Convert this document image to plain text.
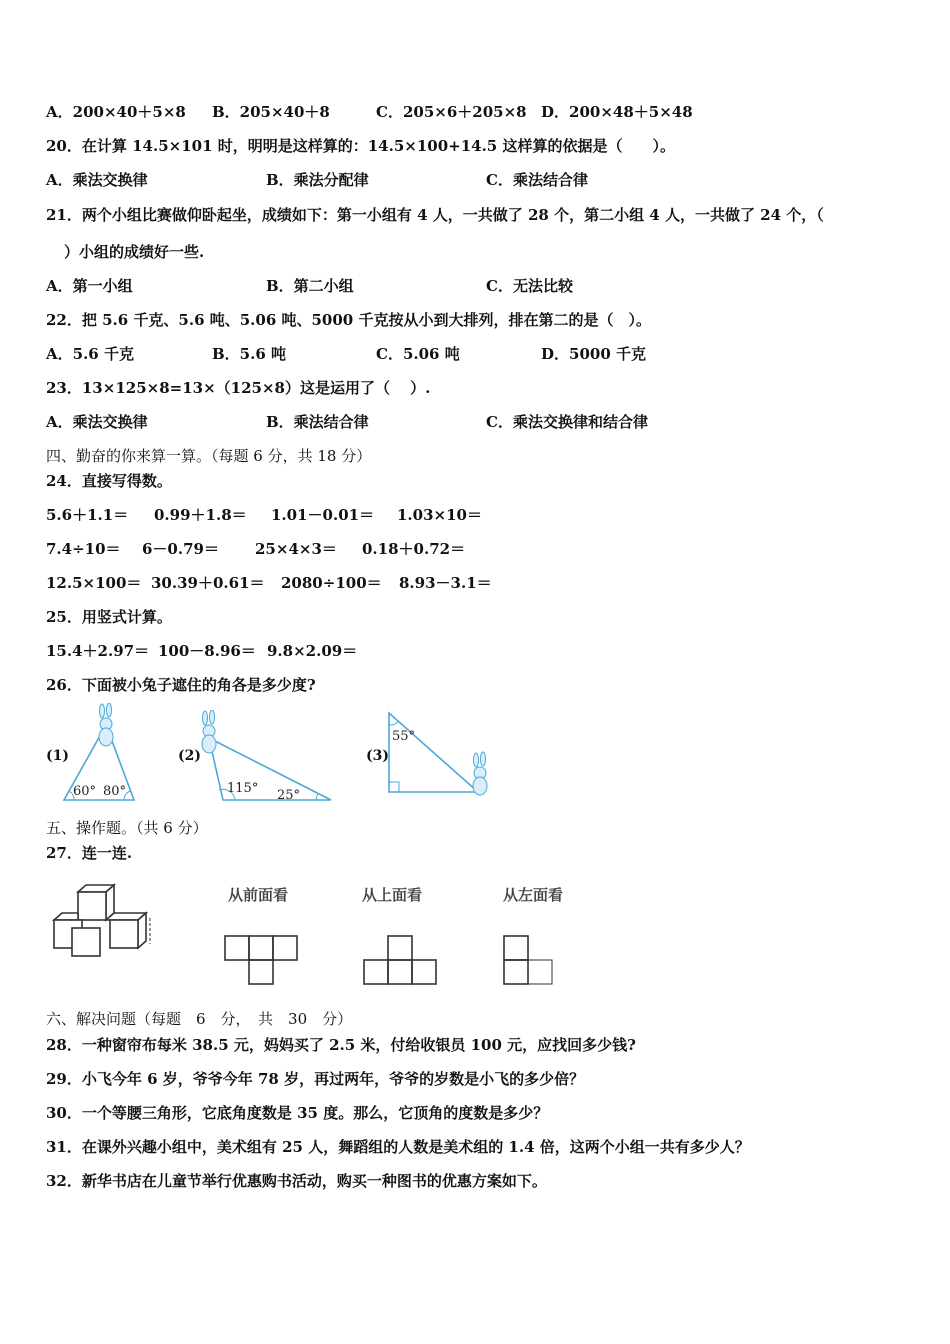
A．200×40＋5×8 B．205×40＋8	C．205×6＋205×8 D．200×48＋5×48
20．在计算 14.5×101 时，明明是这样算的：14.5×100+14.5 这样算的依据是（　　）。
A．乘法交换律	B．乘法分配律	C．乘法结合律
21．两个小组比赛做仰卧起坐，成绩如下：第一小组有 4 人，一共做了 28 个，第二小组 4 人，一共做了 24 个，（
）小组的成绩好一些.
A．第一小组	B．第二小组	C．无法比较
22．把 5.6 千克、5.6 吨、5.06 吨、5000 千克按从小到大排列，排在第二的是（　）。
A．5.6 千克	B．5.6 吨	C．5.06 吨	D．5000 千克
23．13×125×8=13×（125×8）这是运用了（　 ）.
A．乘法交换律	B．乘法结合律	C．乘法交换律和结合律
四、勤奋的你来算一算。（每题 6 分，共 18 分）
24．直接写得数。
5.6＋1.1＝ 0.99＋1.8＝ 1.01－0.01＝ 1.03×10＝
7.4÷10＝ 6－0.79＝ 25×4×3＝ 0.18＋0.72＝
12.5×100＝ 30.39＋0.61＝ 2080÷100＝ 8.93－3.1＝
25．用竖式计算。
15.4＋2.97＝ 100－8.96＝ 9.8×2.09＝
26．下面被小兔子遮住的角各是多少度?
(1)	(2)	(3)
60° 80°	115° 25°
55°
五、操作题。（共 6 分）
27．连一连.
从前面看	从上面看	从左面看
六、解决问题（每题　6　分，　共　30　分）
28．一种窗帘布每米 38.5 元，妈妈买了 2.5 米，付给收银员 100 元，应找回多少钱?
29．小飞今年 6 岁，爷爷今年 78 岁，再过两年，爷爷的岁数是小飞的多少倍？
30．一个等腰三角形，它底角度数是 35 度。那么，它顶角的度数是多少？
31．在课外兴趣小组中，美术组有 25 人，舞蹈组的人数是美术组的 1.4 倍，这两个小组一共有多少人？
32．新华书店在儿童节举行优惠购书活动，购买一种图书的优惠方案如下。
